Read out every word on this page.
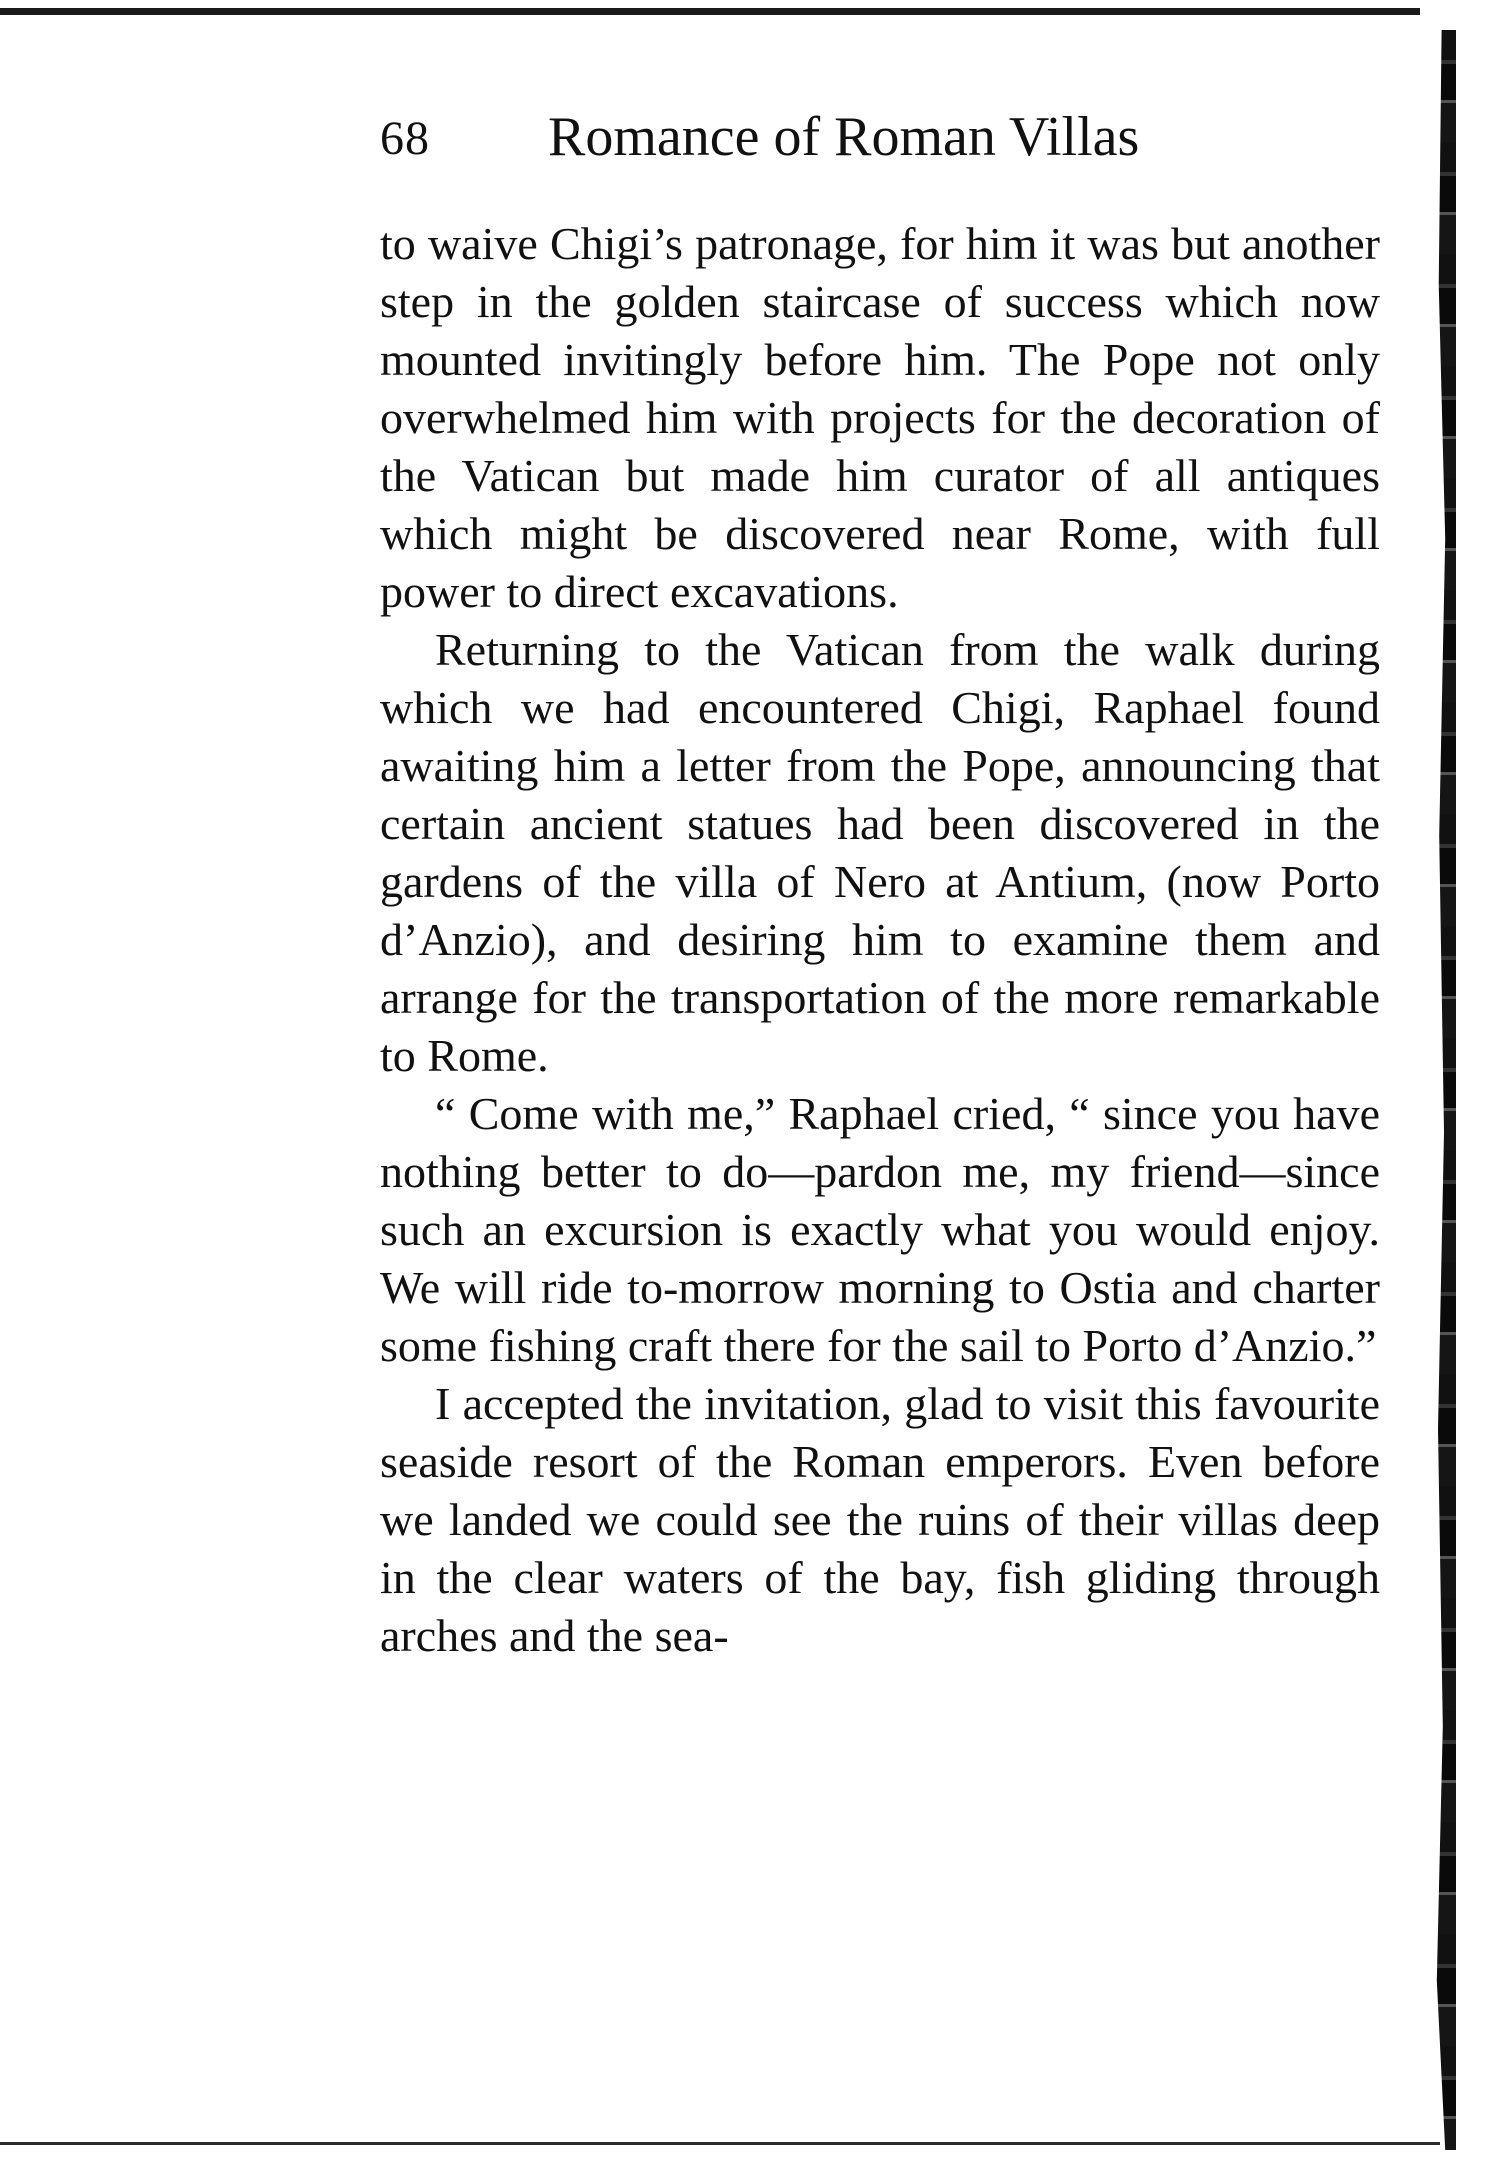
68 Romance of Roman Villas

to waive Chigi’s patronage, for him it was but another step in the golden staircase of success which now mounted invitingly before him. The Pope not only overwhelmed him with projects for the decoration of the Vatican but made him curator of all antiques which might be discovered near Rome, with full power to direct excavations.

Returning to the Vatican from the walk during which we had encountered Chigi, Raphael found awaiting him a letter from the Pope, announcing that certain ancient statues had been discovered in the gardens of the villa of Nero at Antium, (now Porto d’Anzio), and desiring him to examine them and arrange for the transportation of the more remarkable to Rome.

“ Come with me,” Raphael cried, “ since you have nothing better to do—pardon me, my friend—since such an excursion is exactly what you would enjoy. We will ride to-morrow morning to Ostia and charter some fishing craft there for the sail to Porto d’Anzio.”

I accepted the invitation, glad to visit this favourite seaside resort of the Roman emperors. Even before we landed we could see the ruins of their villas deep in the clear waters of the bay, fish gliding through arches and the sea-
